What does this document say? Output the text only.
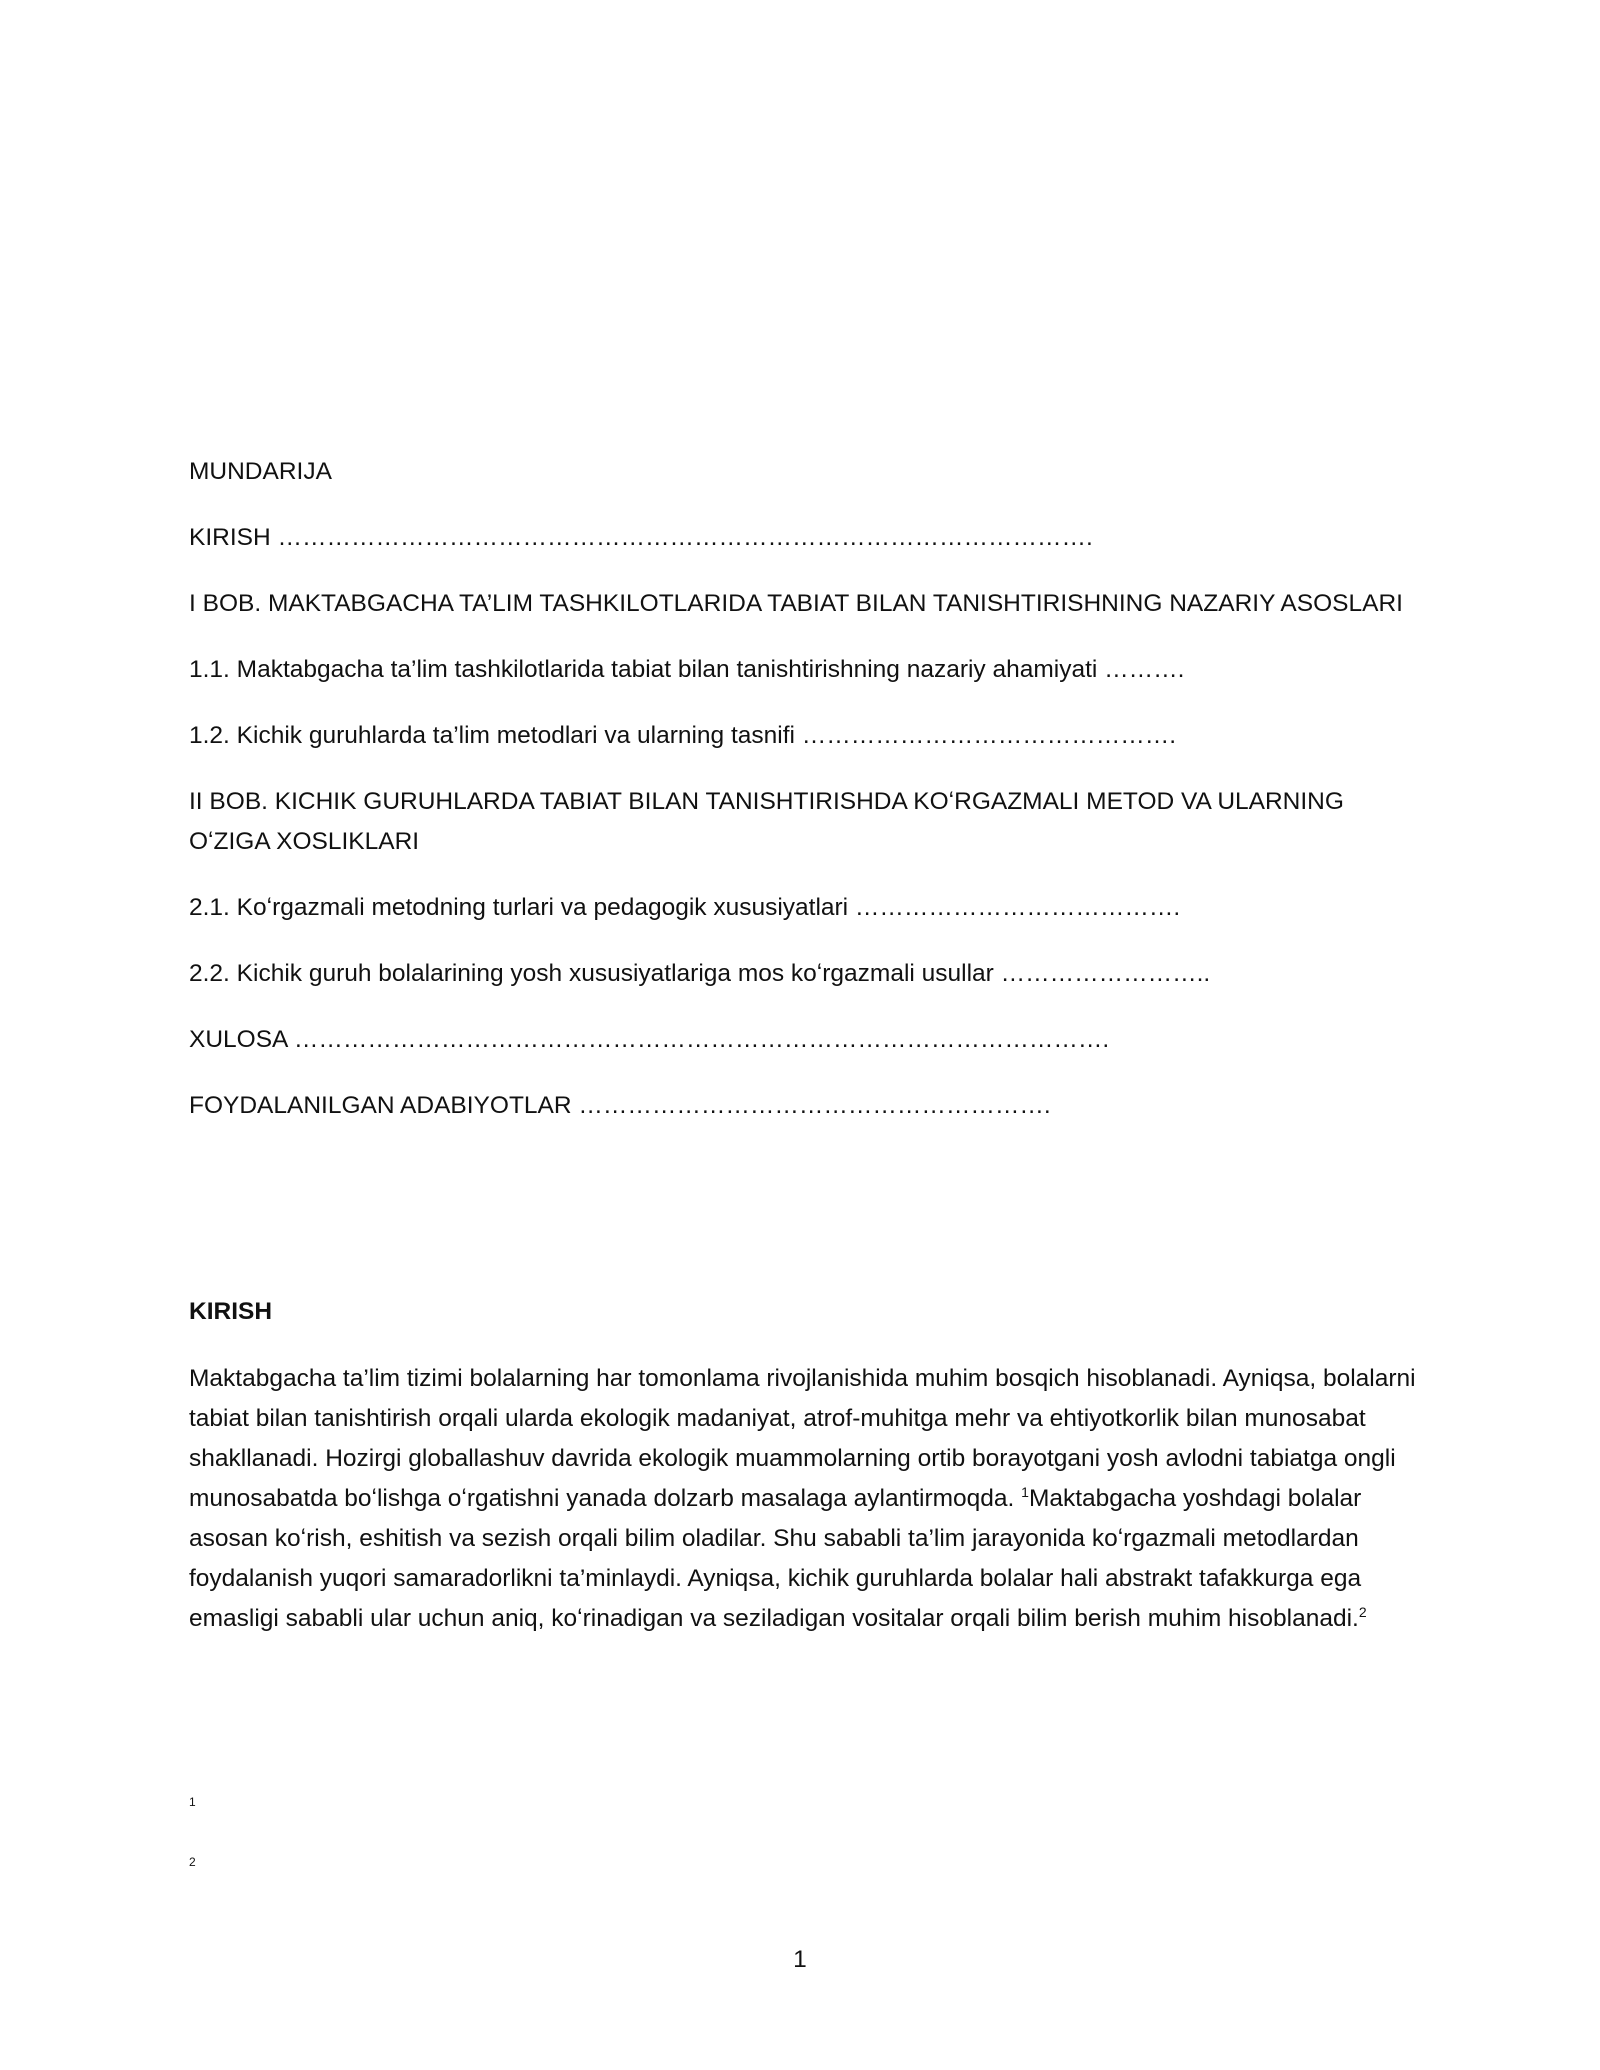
MUNDARIJA

KIRISH ……………………………………………………………………………………….

I BOB. MAKTABGACHA TA’LIM TASHKILOTLARIDA TABIAT BILAN TANISHTIRISHNING NAZARIY ASOSLARI

1.1. Maktabgacha ta’lim tashkilotlarida tabiat bilan tanishtirishning nazariy ahamiyati ……….

1.2. Kichik guruhlarda ta’lim metodlari va ularning tasnifi ……………………………………….

II BOB. KICHIK GURUHLARDA TABIAT BILAN TANISHTIRISHDA KOʻRGAZMALI METOD VA ULARNING OʻZIGA XOSLIKLARI

2.1. Koʻrgazmali metodning turlari va pedagogik xususiyatlari ………………………………….

2.2. Kichik guruh bolalarining yosh xususiyatlariga mos koʻrgazmali usullar ……………………..

XULOSA ……………………………………………………………………………………….

FOYDALANILGAN ADABIYOTLAR ………………………………………………….

KIRISH

Maktabgacha ta’lim tizimi bolalarning har tomonlama rivojlanishida muhim bosqich hisoblanadi. Ayniqsa, bolalarni tabiat bilan tanishtirish orqali ularda ekologik madaniyat, atrof-muhitga mehr va ehtiyotkorlik bilan munosabat shakllanadi. Hozirgi globallashuv davrida ekologik muammolarning ortib borayotgani yosh avlodni tabiatga ongli munosabatda boʻlishga oʻrgatishni yanada dolzarb masalaga aylantirmoqda. $^1$Maktabgacha yoshdagi bolalar asosan koʻrish, eshitish va sezish orqali bilim oladilar. Shu sababli ta’lim jarayonida koʻrgazmali metodlardan foydalanish yuqori samaradorlikni ta’minlaydi. Ayniqsa, kichik guruhlarda bolalar hali abstrakt tafakkurga ega emasligi sababli ular uchun aniq, koʻrinadigan va seziladigan vositalar orqali bilim berish muhim hisoblanadi.$^2$

1
2
1
